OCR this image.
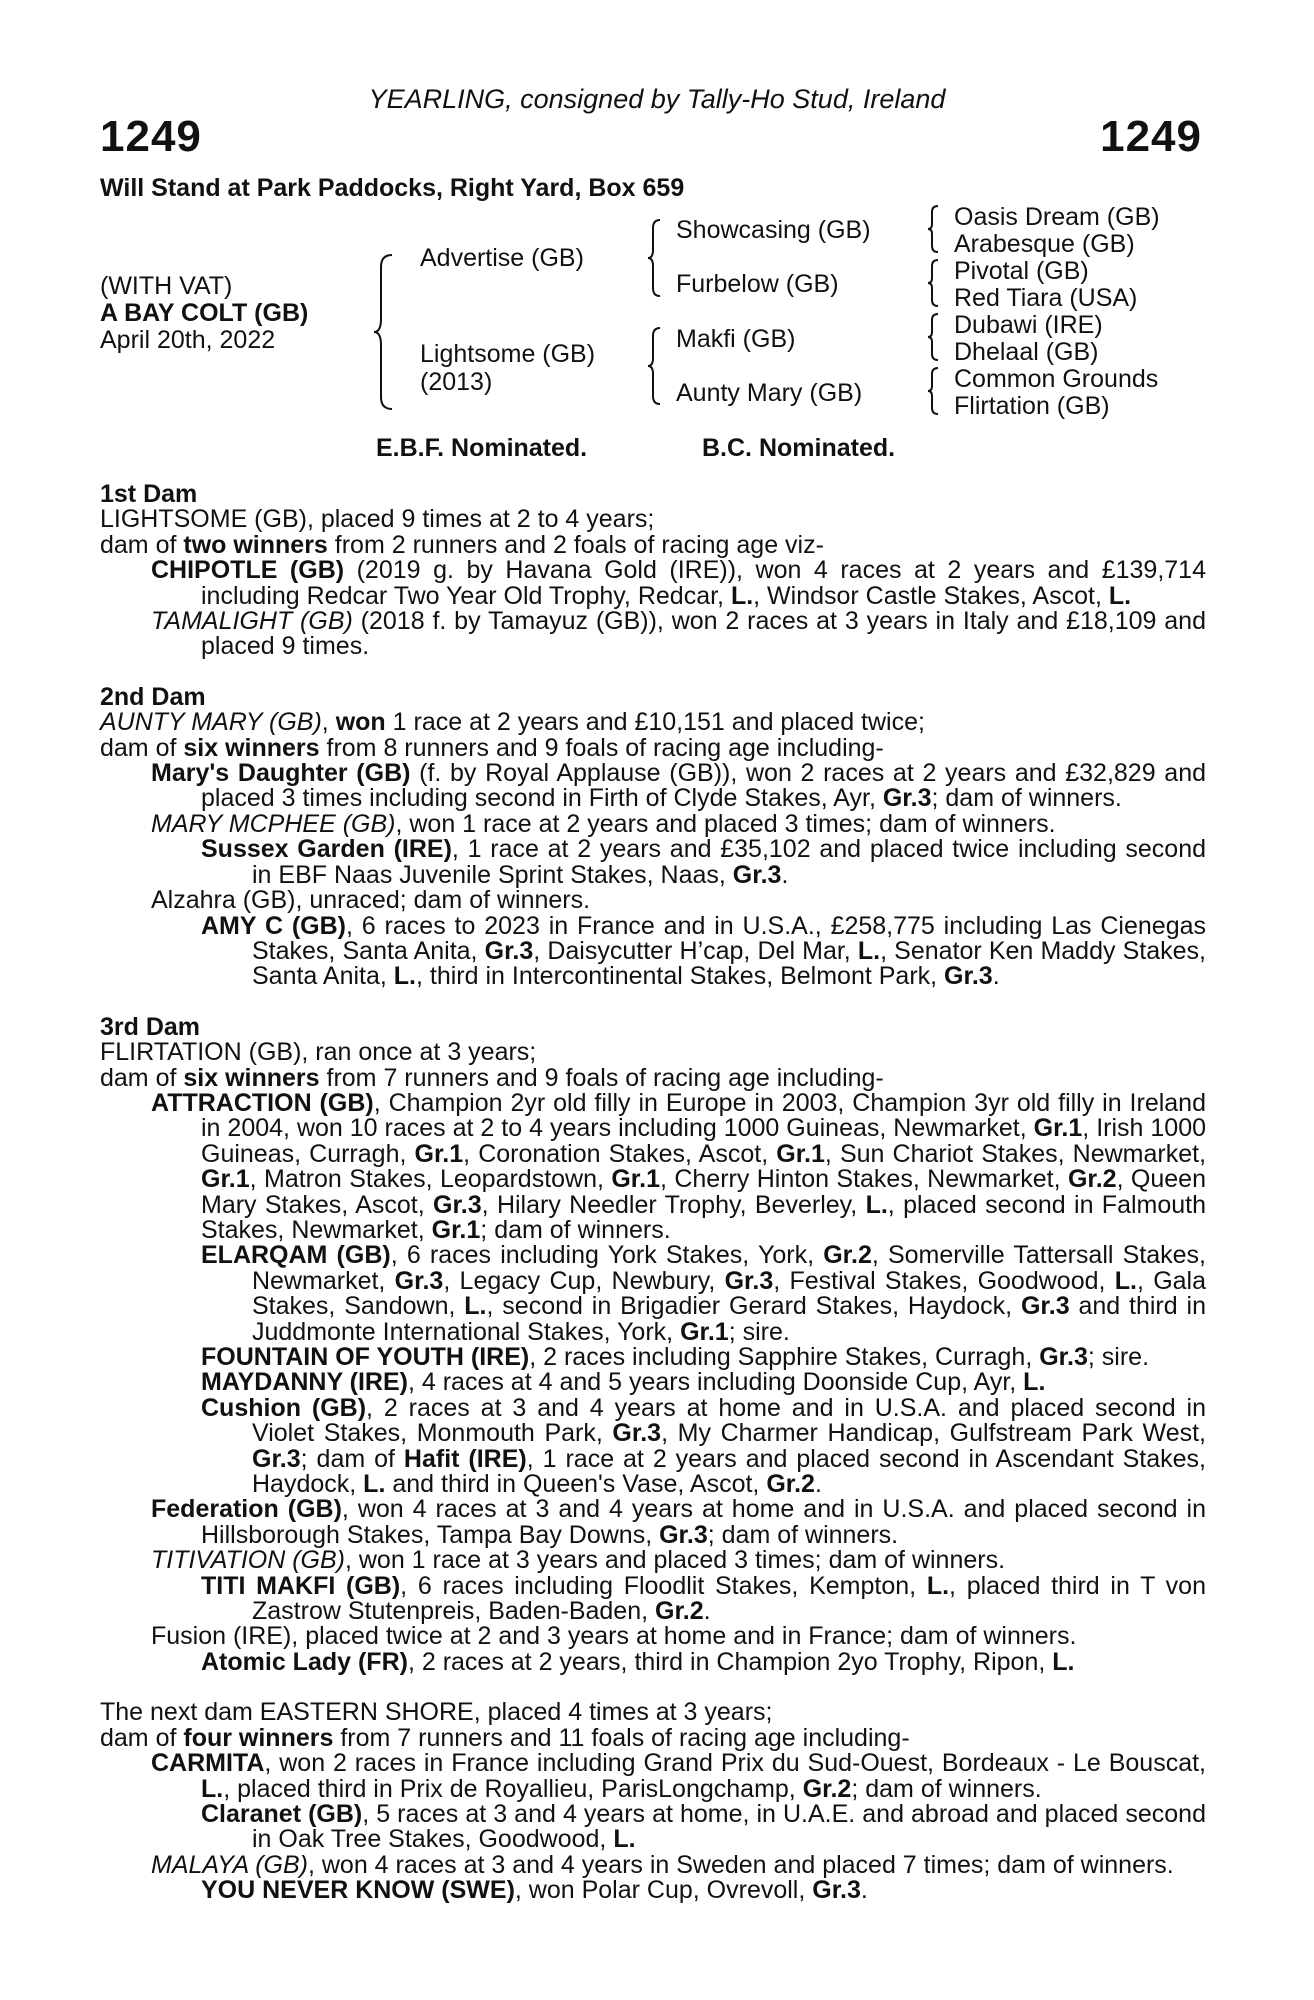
YEARLING, consigned by Tally-Ho Stud, Ireland
1249	1249
Will Stand at Park Paddocks, Right Yard, Box 659
(WITH VAT)
A BAY COLT (GB)
April 20th, 2022
Advertise (GB)
Lightsome (GB)
(2013)
Showcasing (GB)
Furbelow (GB)
Makfi (GB)
Aunty Mary (GB)
Oasis Dream (GB)
Arabesque (GB)
Pivotal (GB)
Red Tiara (USA)
Dubawi (IRE)
Dhelaal (GB)
Common Grounds
Flirtation (GB)
E.B.F. Nominated.	B.C. Nominated.
1st Dam
LIGHTSOME (GB), placed 9 times at 2 to 4 years;
dam of two winners from 2 runners and 2 foals of racing age viz-
CHIPOTLE (GB) (2019 g. by Havana Gold (IRE)), won 4 races at 2 years and £139,714 including Redcar Two Year Old Trophy, Redcar, L., Windsor Castle Stakes, Ascot, L.
TAMALIGHT (GB) (2018 f. by Tamayuz (GB)), won 2 races at 3 years in Italy and £18,109 and placed 9 times.
2nd Dam
AUNTY MARY (GB), won 1 race at 2 years and £10,151 and placed twice;
dam of six winners from 8 runners and 9 foals of racing age including-
Mary's Daughter (GB) (f. by Royal Applause (GB)), won 2 races at 2 years and £32,829 and placed 3 times including second in Firth of Clyde Stakes, Ayr, Gr.3; dam of winners.
MARY MCPHEE (GB), won 1 race at 2 years and placed 3 times; dam of winners.
Sussex Garden (IRE), 1 race at 2 years and £35,102 and placed twice including second in EBF Naas Juvenile Sprint Stakes, Naas, Gr.3.
Alzahra (GB), unraced; dam of winners.
AMY C (GB), 6 races to 2023 in France and in U.S.A., £258,775 including Las Cienegas Stakes, Santa Anita, Gr.3, Daisycutter H’cap, Del Mar, L., Senator Ken Maddy Stakes, Santa Anita, L., third in Intercontinental Stakes, Belmont Park, Gr.3.
3rd Dam
FLIRTATION (GB), ran once at 3 years;
dam of six winners from 7 runners and 9 foals of racing age including-
ATTRACTION (GB), Champion 2yr old filly in Europe in 2003, Champion 3yr old filly in Ireland in 2004, won 10 races at 2 to 4 years including 1000 Guineas, Newmarket, Gr.1, Irish 1000 Guineas, Curragh, Gr.1, Coronation Stakes, Ascot, Gr.1, Sun Chariot Stakes, Newmarket, Gr.1, Matron Stakes, Leopardstown, Gr.1, Cherry Hinton Stakes, Newmarket, Gr.2, Queen Mary Stakes, Ascot, Gr.3, Hilary Needler Trophy, Beverley, L., placed second in Falmouth Stakes, Newmarket, Gr.1; dam of winners.
ELARQAM (GB), 6 races including York Stakes, York, Gr.2, Somerville Tattersall Stakes, Newmarket, Gr.3, Legacy Cup, Newbury, Gr.3, Festival Stakes, Goodwood, L., Gala Stakes, Sandown, L., second in Brigadier Gerard Stakes, Haydock, Gr.3 and third in Juddmonte International Stakes, York, Gr.1; sire.
FOUNTAIN OF YOUTH (IRE), 2 races including Sapphire Stakes, Curragh, Gr.3; sire.
MAYDANNY (IRE), 4 races at 4 and 5 years including Doonside Cup, Ayr, L.
Cushion (GB), 2 races at 3 and 4 years at home and in U.S.A. and placed second in Violet Stakes, Monmouth Park, Gr.3, My Charmer Handicap, Gulfstream Park West, Gr.3; dam of Hafit (IRE), 1 race at 2 years and placed second in Ascendant Stakes, Haydock, L. and third in Queen's Vase, Ascot, Gr.2.
Federation (GB), won 4 races at 3 and 4 years at home and in U.S.A. and placed second in Hillsborough Stakes, Tampa Bay Downs, Gr.3; dam of winners.
TITIVATION (GB), won 1 race at 3 years and placed 3 times; dam of winners.
TITI MAKFI (GB), 6 races including Floodlit Stakes, Kempton, L., placed third in T von Zastrow Stutenpreis, Baden-Baden, Gr.2.
Fusion (IRE), placed twice at 2 and 3 years at home and in France; dam of winners.
Atomic Lady (FR), 2 races at 2 years, third in Champion 2yo Trophy, Ripon, L.
The next dam EASTERN SHORE, placed 4 times at 3 years;
dam of four winners from 7 runners and 11 foals of racing age including-
CARMITA, won 2 races in France including Grand Prix du Sud-Ouest, Bordeaux - Le Bouscat, L., placed third in Prix de Royallieu, ParisLongchamp, Gr.2; dam of winners.
Claranet (GB), 5 races at 3 and 4 years at home, in U.A.E. and abroad and placed second in Oak Tree Stakes, Goodwood, L.
MALAYA (GB), won 4 races at 3 and 4 years in Sweden and placed 7 times; dam of winners.
YOU NEVER KNOW (SWE), won Polar Cup, Ovrevoll, Gr.3.
